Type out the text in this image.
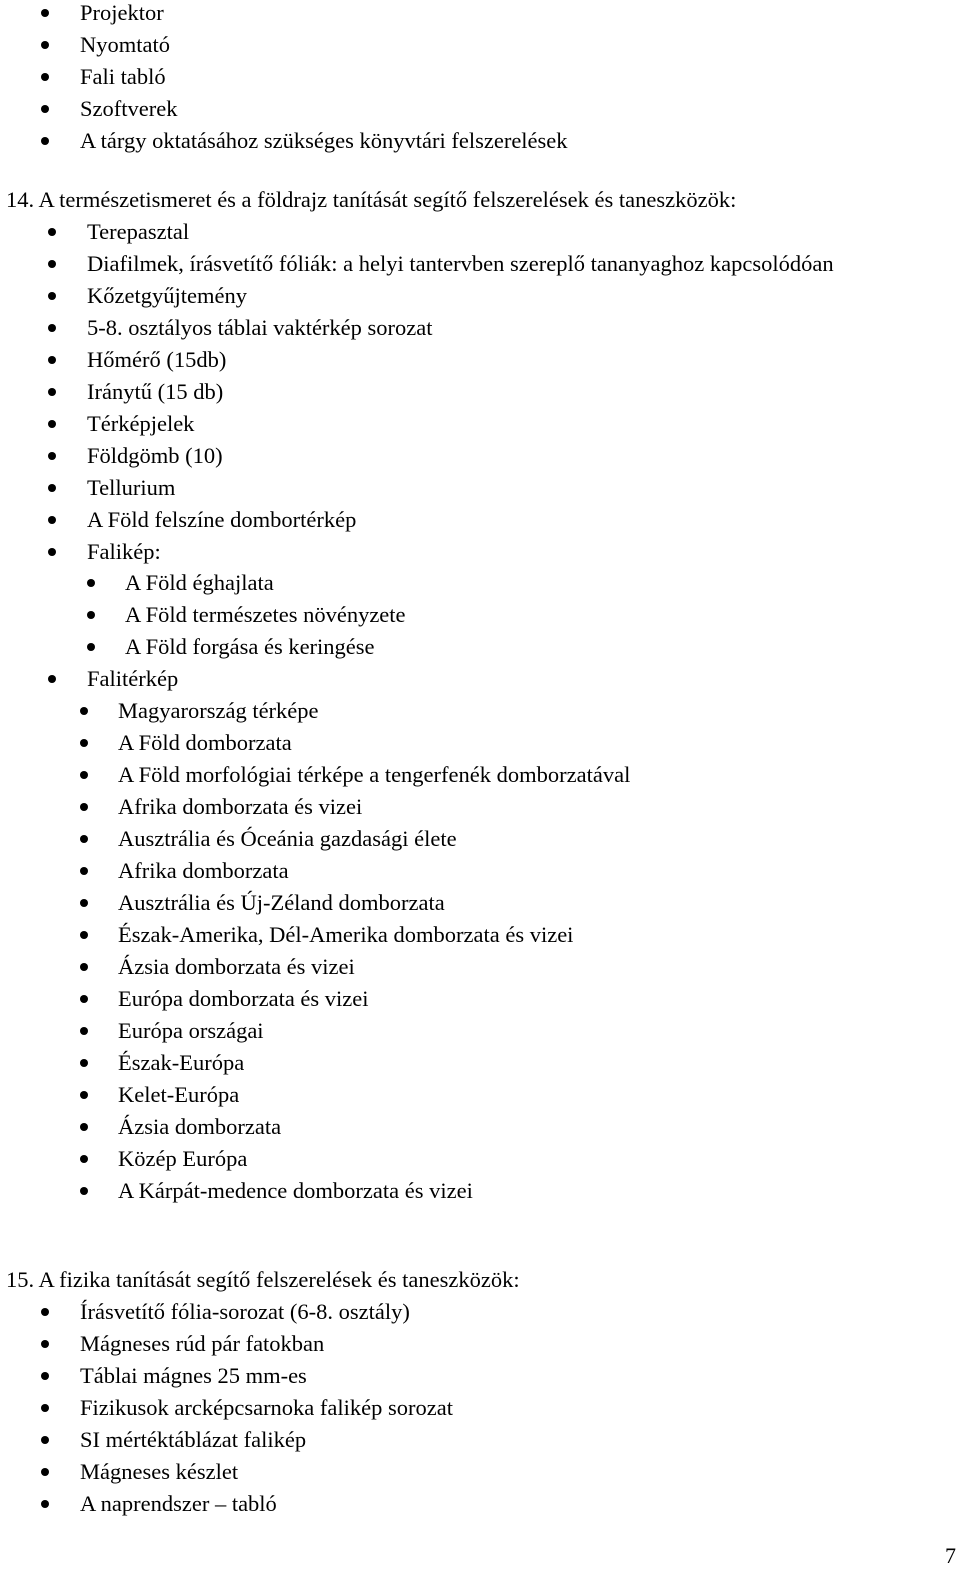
Projektor
Nyomtató
Fali tabló
Szoftverek
A tárgy oktatásához szükséges könyvtári felszerelések
14. A természetismeret és a földrajz tanítását segítő felszerelések és taneszközök:
Terepasztal
Diafilmek, írásvetítő fóliák: a helyi tantervben szereplő tananyaghoz kapcsolódóan
Kőzetgyűjtemény
5-8. osztályos táblai vaktérkép sorozat
Hőmérő (15db)
Iránytű (15 db)
Térképjelek
Földgömb (10)
Tellurium
A Föld felszíne dombortérkép
Falikép:
A Föld éghajlata
A Föld természetes növényzete
A Föld forgása és keringése
Falitérkép
Magyarország térképe
A Föld domborzata
A Föld morfológiai térképe a tengerfenék domborzatával
Afrika domborzata és vizei
Ausztrália és Óceánia gazdasági élete
Afrika domborzata
Ausztrália és Új-Zéland domborzata
Észak-Amerika, Dél-Amerika domborzata és vizei
Ázsia domborzata és vizei
Európa domborzata és vizei
Európa országai
Észak-Európa
Kelet-Európa
Ázsia domborzata
Közép Európa
A Kárpát-medence domborzata és vizei
15. A fizika tanítását segítő felszerelések és taneszközök:
Írásvetítő fólia-sorozat (6-8. osztály)
Mágneses rúd pár fatokban
Táblai mágnes 25 mm-es
Fizikusok arcképcsarnoka falikép sorozat
SI mértéktáblázat falikép
Mágneses készlet
A naprendszer – tabló
7
